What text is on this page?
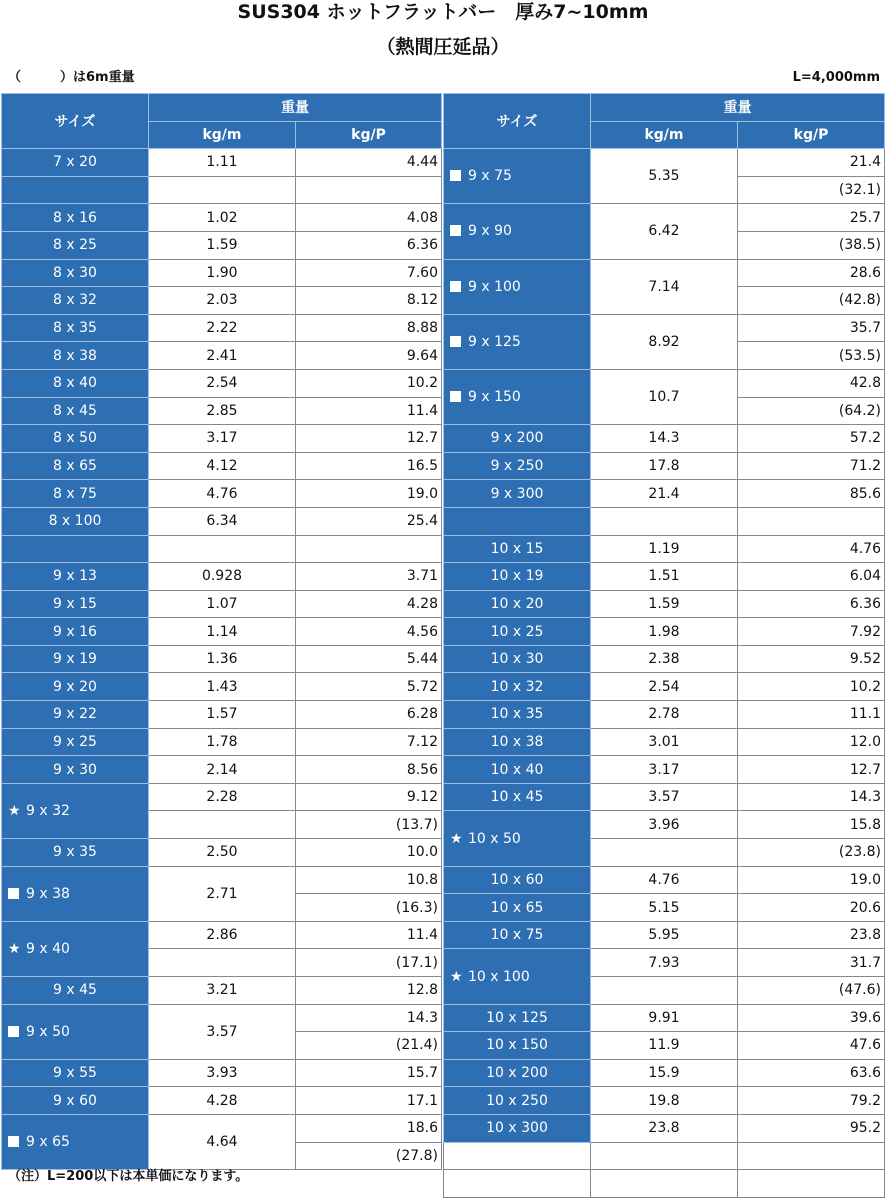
SUS304 ホットフラットバー　厚み7~10mm
（熱間圧延品）
（　　　）は6m重量	L=4,000mm
サイズ	重量	
	kg/m	kg/P
7 x 20	1.11	4.44

8 x 16	1.02	4.08
8 x 25	1.59	6.36
8 x 30	1.90	7.60
8 x 32	2.03	8.12
8 x 35	2.22	8.88
8 x 38	2.41	9.64
8 x 40	2.54	10.2
8 x 45	2.85	11.4
8 x 50	3.17	12.7
8 x 65	4.12	16.5
8 x 75	4.76	19.0
8 x 100	6.34	25.4

9 x 13	0.928	3.71
9 x 15	1.07	4.28
9 x 16	1.14	4.56
9 x 19	1.36	5.44
9 x 20	1.43	5.72
9 x 22	1.57	6.28
9 x 25	1.78	7.12
9 x 30	2.14	8.56
★9 x 32	2.28	9.12
		(13.7)
9 x 35	2.50	10.0
9 x 38	2.71	10.8
		(16.3)
★9 x 40	2.86	11.4
		(17.1)
9 x 45	3.21	12.8
9 x 50	3.57	14.3
		(21.4)
9 x 55	3.93	15.7
9 x 60	4.28	17.1
9 x 65	4.64	18.6
		(27.8)
サイズ	重量	
	kg/m	kg/P
9 x 75	5.35	21.4
		(32.1)
9 x 90	6.42	25.7
		(38.5)
9 x 100	7.14	28.6
		(42.8)
9 x 125	8.92	35.7
		(53.5)
9 x 150	10.7	42.8
		(64.2)
9 x 200	14.3	57.2
9 x 250	17.8	71.2
9 x 300	21.4	85.6

10 x 15	1.19	4.76
10 x 19	1.51	6.04
10 x 20	1.59	6.36
10 x 25	1.98	7.92
10 x 30	2.38	9.52
10 x 32	2.54	10.2
10 x 35	2.78	11.1
10 x 38	3.01	12.0
10 x 40	3.17	12.7
10 x 45	3.57	14.3
★10 x 50	3.96	15.8
		(23.8)
10 x 60	4.76	19.0
10 x 65	5.15	20.6
10 x 75	5.95	23.8
★10 x 100	7.93	31.7
		(47.6)
10 x 125	9.91	39.6
10 x 150	11.9	47.6
10 x 200	15.9	63.6
10 x 250	19.8	79.2
10 x 300	23.8	95.2

（注）L=200以下は本単価になります。
